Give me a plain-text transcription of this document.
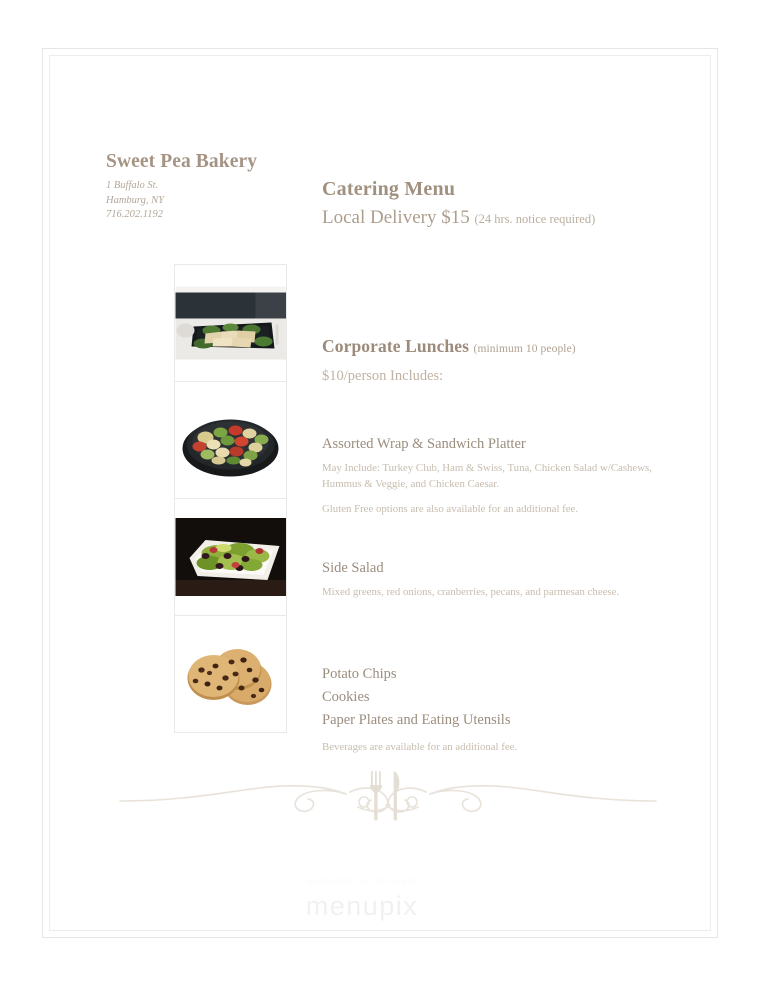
Sweet Pea Bakery
1 Buffalo St.
Hamburg, NY
716.202.1192
Catering Menu
Local Delivery $15 (24 hrs. notice required)
Corporate Lunches (minimum 10 people)
$10/person Includes:
Assorted Wrap & Sandwich Platter
May Include: Turkey Club, Ham & Swiss, Tuna, Chicken Salad w/Cashews, Hummus & Veggie, and Chicken Caesar.
Gluten Free options are also available for an additional fee.
Side Salad
Mixed greens, red onions, cranberries, pecans, and parmesan cheese.
Potato Chips
Cookies
Paper Plates and Eating Utensils
Beverages are available for an additional fee.
powered by menupix
menupix
